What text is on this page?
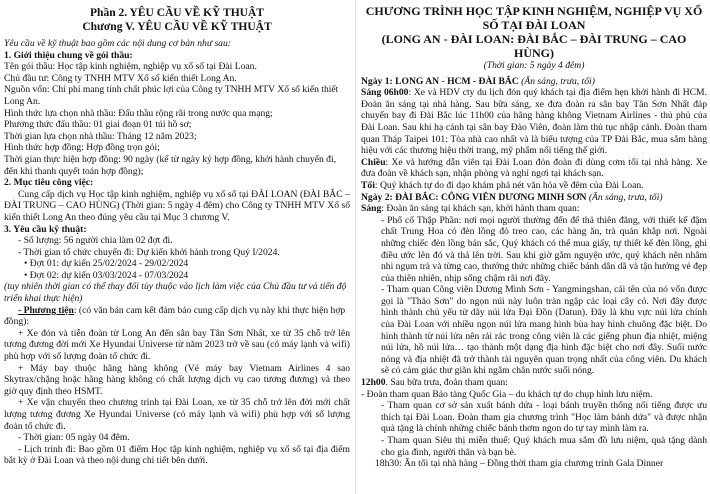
Phần 2. YÊU CẦU VỀ KỸ THUẬT
Chương V. YÊU CẦU VỀ KỸ THUẬT

Yêu cầu về kỹ thuật bao gồm các nội dung cơ bản như sau:

1. Giới thiệu chung về gói thầu:

Tên gói thầu: Học tập kinh nghiệm, nghiệp vụ xổ số tại Đài Loan.

Chủ đầu tư: Công ty TNHH MTV Xổ số kiến thiết Long An.

Nguồn vốn: Chi phí mang tính chất phúc lợi của Công ty TNHH MTV Xổ số kiến thiết Long An.

Hình thức lựa chọn nhà thầu: Đấu thầu rộng rãi trong nước qua mạng;

Phương thức đấu thầu: 01 giai đoạn 01 túi hồ sơ;

Thời gian lựa chọn nhà thầu: Tháng 12 năm 2023;

Hình thức hợp đồng: Hợp đồng trọn gói;

Thời gian thực hiện hợp đồng: 90 ngày (kể từ ngày ký hợp đồng, khởi hành chuyến đi, đến khi thanh quyết toán hợp đồng);

2. Mục tiêu công việc:

Cung cấp dịch vụ Học tập kinh nghiệm, nghiệp vụ xổ số tại ĐÀI LOAN (ĐÀI BẮC – ĐÀI TRUNG – CAO HÙNG) (Thời gian: 5 ngày 4 đêm) cho Công ty TNHH MTV Xổ số kiến thiết Long An theo đúng yêu cầu tại Mục 3 chương V.

3. Yêu cầu kỹ thuật:

- Số lượng: 56 người chia làm 02 đợt đi.

- Thời gian tổ chức chuyến đi: Dự kiến khởi hành trong Quý I/2024.

• Đợt 01: dự kiến 25/02/2024 - 29/02/2024

• Đợt 02: dự kiến 03/03/2024 - 07/03/2024

(tuy nhiên thời gian có thể thay đổi tùy thuộc vào lịch làm việc của Chủ đầu tư và tiến độ triển khai thực hiện)

- Phương tiện: (có văn bản cam kết đảm bảo cung cấp dịch vụ này khi thực hiện hợp đồng):

+ Xe đón và tiễn đoàn từ Long An đến sân bay Tân Sơn Nhất, xe từ 35 chỗ trở lên tương đương đời mới Xe Hyundai Universe từ năm 2023 trở về sau (có máy lạnh và wifi) phù hợp với số lượng đoàn tổ chức đi.

+ Máy bay thuộc hãng hàng không (Vé máy bay Vietnam Airlines 4 sao Skytrax/chặng hoặc hãng hàng không có chất lượng dịch vụ cao tương đương) và theo giờ quy định theo HSMT.

+ Xe vận chuyển theo chương trình tại Đài Loan, xe từ 35 chỗ trở lên đời mới chất lượng tương đương Xe Hyundai Universe (có máy lạnh và wifi) phù hợp với số lượng đoàn tổ chức đi.

- Thời gian: 05 ngày 04 đêm.

- Lịch trình đi: Bao gồm 01 điểm Học tập kinh nghiệm, nghiệp vụ xổ số tại địa điểm bắt kỳ ở Đài Loan và theo nội dung chi tiết bên dưới.

CHƯƠNG TRÌNH HỌC TẬP KINH NGHIỆM, NGHIỆP VỤ XỔ SỐ TẠI ĐÀI LOAN
(LONG AN - ĐÀI LOAN: ĐÀI BẮC – ĐÀI TRUNG – CAO HÙNG)

(Thời gian: 5 ngày 4 đêm)

Ngày 1: LONG AN - HCM - ĐÀI BẮC (Ăn sáng, trưa, tối)

Sáng 06h00: Xe và HDV cty du lịch đón quý khách tại địa điểm hẹn khởi hành đi HCM. Đoàn ăn sáng tại nhà hàng. Sau bữa sáng, xe đưa đoàn ra sân bay Tân Sơn Nhất đáp chuyến bay đi Đài Bắc lúc 11h00 của hãng hàng không Vietnam Airlines - thủ phủ của Đài Loan. Sau khi hạ cánh tại sân bay Đào Viên, đoàn làm thủ tục nhập cảnh. Đoàn tham quan Tháp Taipei 101: Tòa nhà cao nhất và là biểu tượng của TP Đài Bắc, mua sắm hàng hiệu với các thương hiệu thời trang, mỹ phẩm nổi tiếng thế giới.

Chiều: Xe và hướng dẫn viên tại Đài Loan đón đoàn đi dùng cơm tối tại nhà hàng. Xe đưa đoàn về khách sạn, nhận phòng và nghỉ ngơi tại khách sạn.

Tối: Quý khách tự do đi dạo khám phá nét văn hóa về đêm của Đài Loan.

Ngày 2: ĐÀI BẮC: CÔNG VIÊN DƯƠNG MINH SƠN (Ăn sáng, trưa, tối)

Sáng: Đoàn ăn sáng tại khách sạn, khởi hành tham quan:

- Phố cổ Thập Phần: nơi mọi người thường đến để thả thiên đăng, với thiết kế đậm chất Trung Hoa có đèn lồng đỏ treo cao, các hàng ăn, trà quán khắp nơi. Ngoài những chiếc đèn lồng bản sắc, Quý khách có thể mua giấy, tự thiết kế đèn lồng, ghi điều ước lên đó và thả lên trời. Sau khi giờ gắm nguyện ước, quý khách nên nhâm nhi ngụm trà và từng cao, thưởng thức những chiếc bánh dân dã và tận hưởng vẻ đẹp của thiên nhiên, nhịp sống chậm rãi nơi đây.

- Tham quan Công viên Dương Minh Sơn - Yangmingshan, cái tên của nó vốn được gọi là "Thảo Sơn" do ngọn núi này luôn tràn ngập các loại cây cỏ. Nơi đây được hình thành chủ yếu từ dãy núi lửa Đại Đồn (Datun). Đây là khu vực núi lửa chính của Đài Loan với nhiều ngọn núi lửa mang hình bùa hay hình chuông đặc biệt. Do hình thành từ núi lửa nên rải rác trong công viên là các giếng phun địa nhiệt, miệng núi lửa, hồ núi lửa… tạo thành một dạng địa hình đặc biệt cho nơi đây. Suối nước nóng và địa nhiệt đã trở thành tài nguyên quan trọng nhất của công viên. Du khách sẽ có cảm giác thư giãn khi ngâm chân nước suối nóng.

12h00. Sau bữa trưa, đoàn tham quan:

- Đoàn tham quan Bảo tàng Quốc Gia – du khách tự do chụp hình lưu niệm.

- Tham quan cơ sở sản xuất bánh dứa - loại bánh truyền thống nổi tiếng được ưu thích tại Đài Loan. Đoàn tham gia chương trình "Học làm bánh dứa" và được nhận quà tặng là chính những chiếc bánh thơm ngon do tự tay mình làm ra.

- Tham quan Siêu thị miễn thuế: Quý khách mua sắm đồ lưu niệm, quà tặng dành cho gia đình, người thân và bạn bè.

18h30: Ăn tối tại nhà hàng – Đồng thời tham gia chương trình Gala Dinner
